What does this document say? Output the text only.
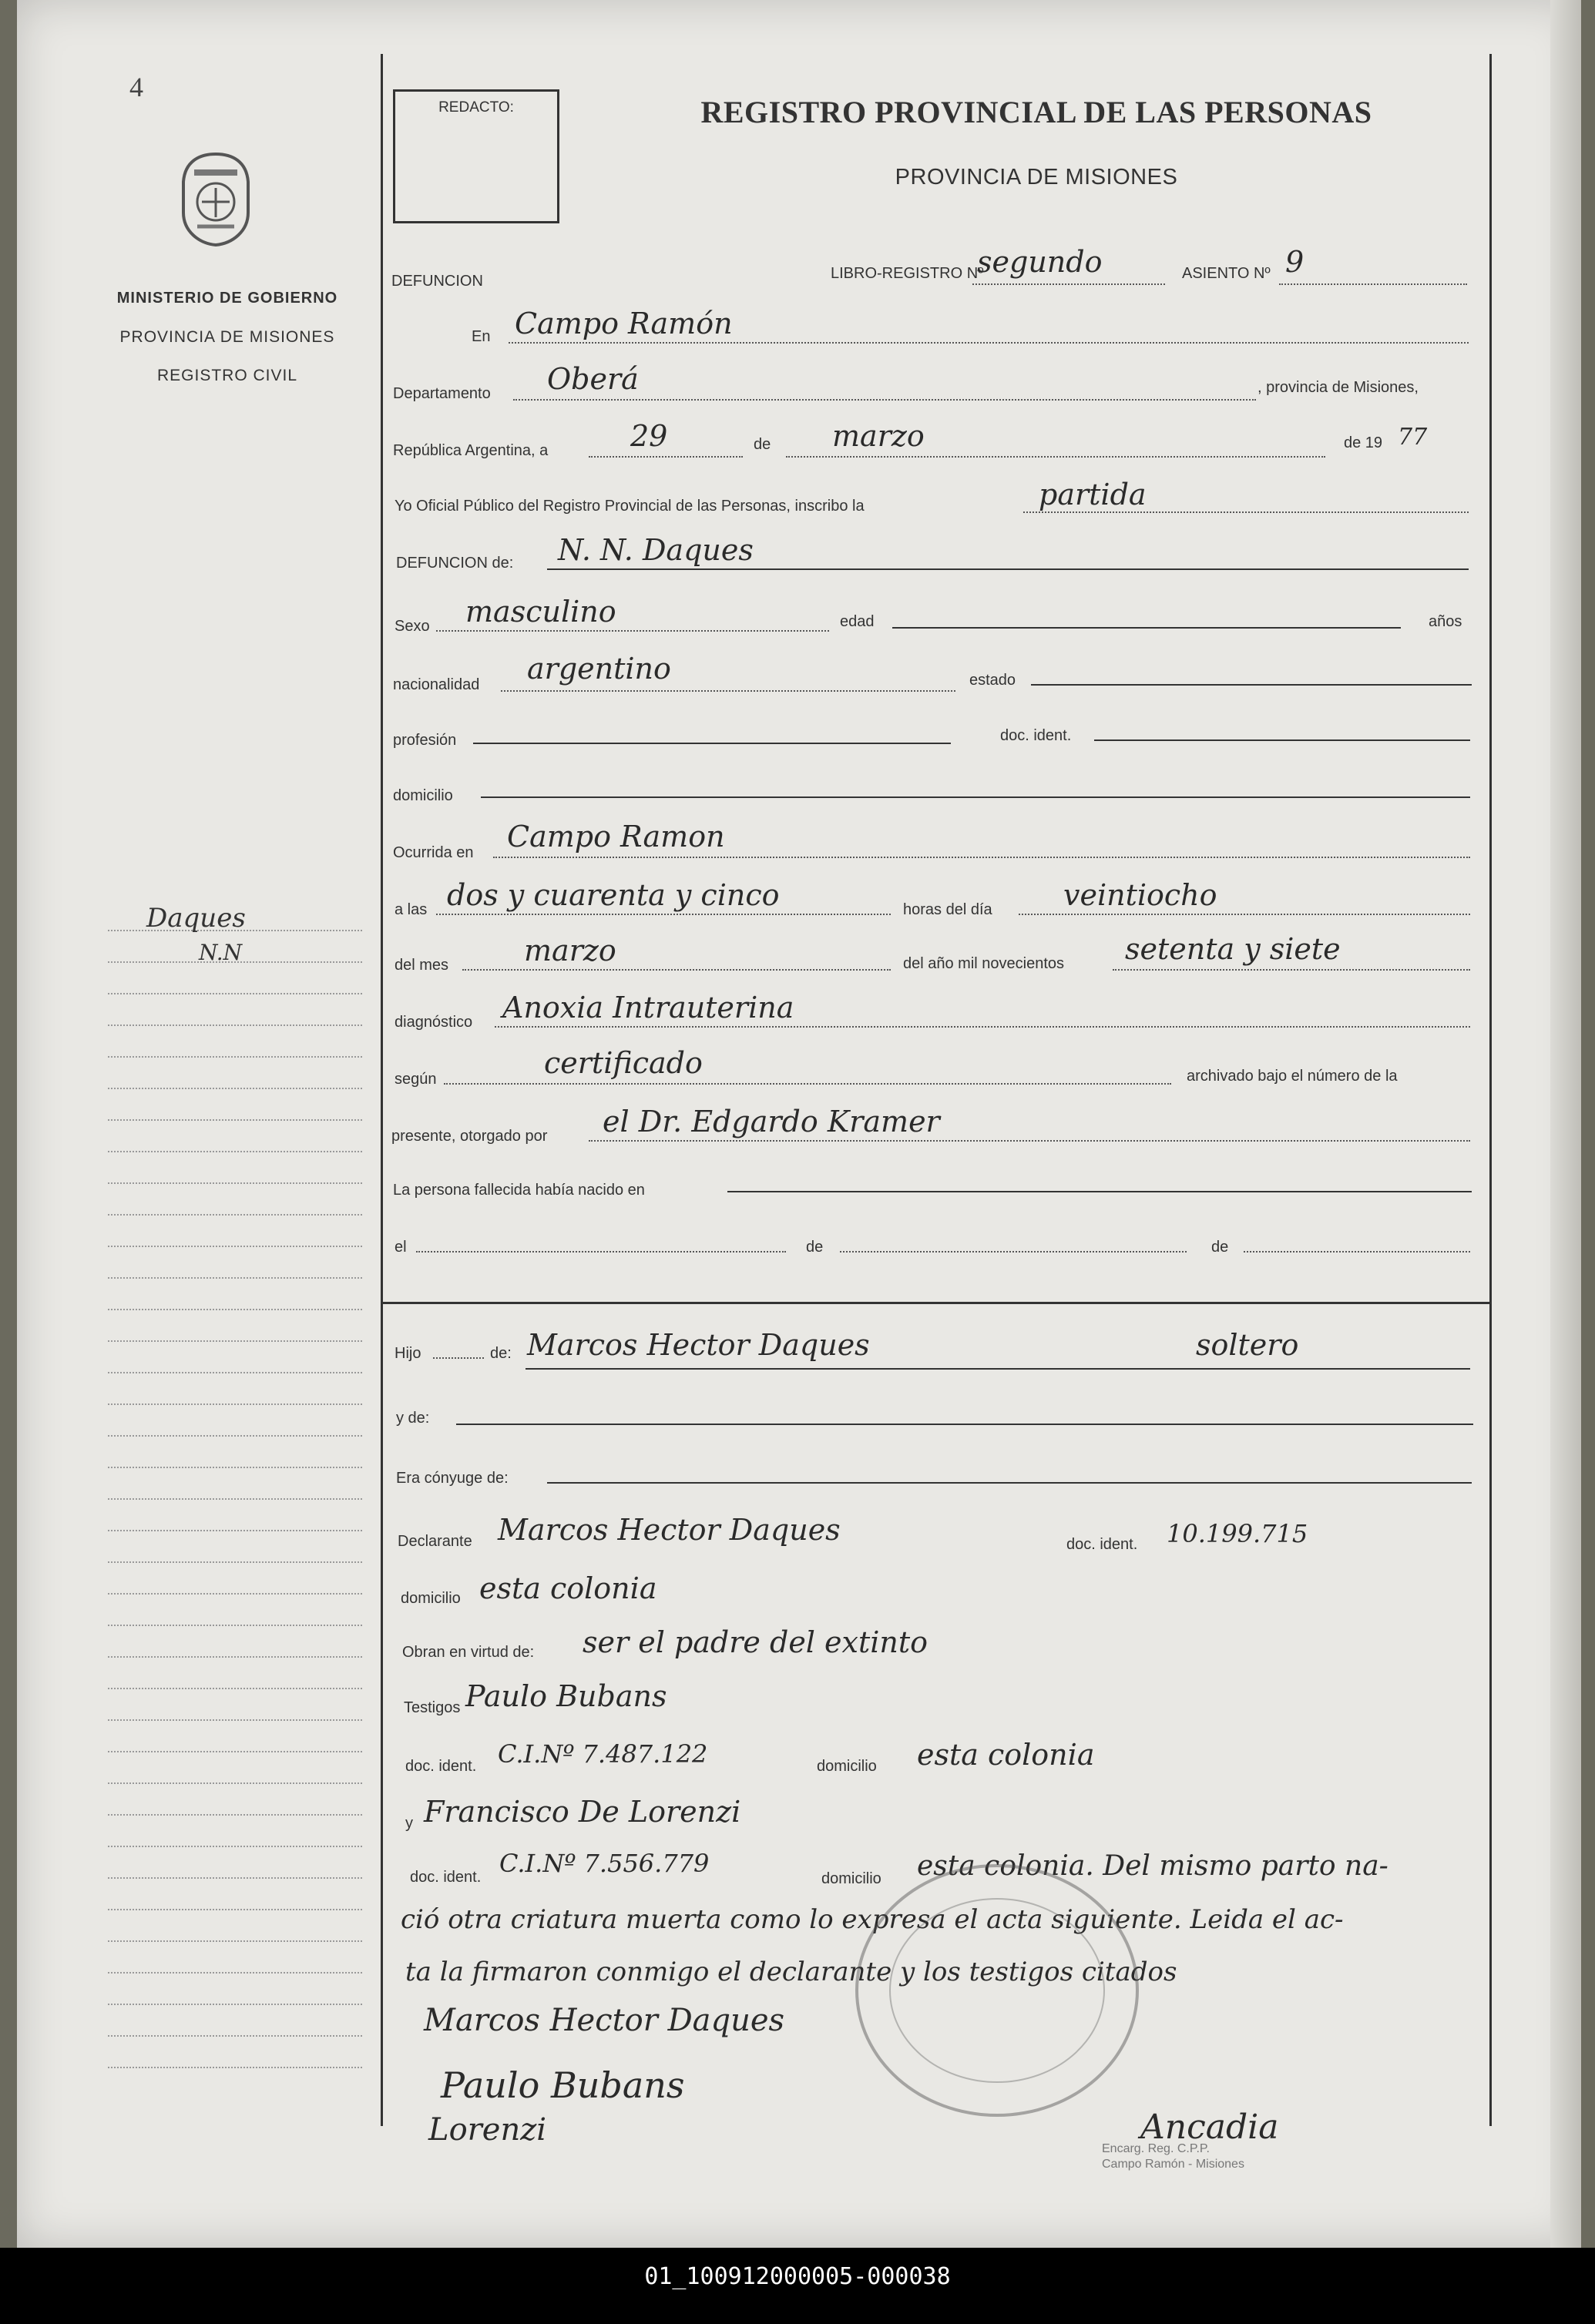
4
MINISTERIO DE GOBIERNO
PROVINCIA DE MISIONES
REGISTRO CIVIL
Daques
N.N
REDACTO:	REGISTRO PROVINCIAL DE LAS PERSONAS
PROVINCIA DE MISIONES
DEFUNCION	LIBRO-REGISTRO Nº
segundo	ASIENTO Nº 9
En Campo Ramón
Departamento Oberá	, provincia de Misiones,
República Argentina, a	29	de marzo	de 19 77
Yo Oficial Público del Registro Provincial de las Personas, inscribo la	partida
DEFUNCION de: N. N. Daques
Sexo masculino	edad	años
nacionalidad argentino	estado
profesión	doc. ident.
domicilio
Ocurrida en Campo Ramon
a las dos y cuarenta y cinco	horas del día veintiocho
del mes	marzo	del año mil novecientos setenta y siete
diagnóstico Anoxia Intrauterina
según	certificado	archivado bajo el número de la
presente, otorgado por el Dr. Edgardo Kramer
La persona fallecida había nacido en
el	de	de
Hijo	de: Marcos Hector Daques	soltero
y de:
Era cónyuge de:
Declarante Marcos Hector Daques	doc. ident. 10.199.715
domicilio esta colonia
Obran en virtud de: ser el padre del extinto
Testigos Paulo Bubans
doc. ident. C.I.Nº 7.487.122	domicilio esta colonia
y Francisco De Lorenzi
doc. ident. C.I.Nº 7.556.779
domicilio esta colonia. Del mismo parto na-
ció otra criatura muerta como lo expresa el acta siguiente. Leida el ac-
ta la firmaron conmigo el declarante y los testigos citados
Marcos Hector Daques
Paulo Bubans
Lorenzi	Ancadia
Encarg. Reg. C.P.P.
Campo Ramón - Misiones
01_100912000005-000038
